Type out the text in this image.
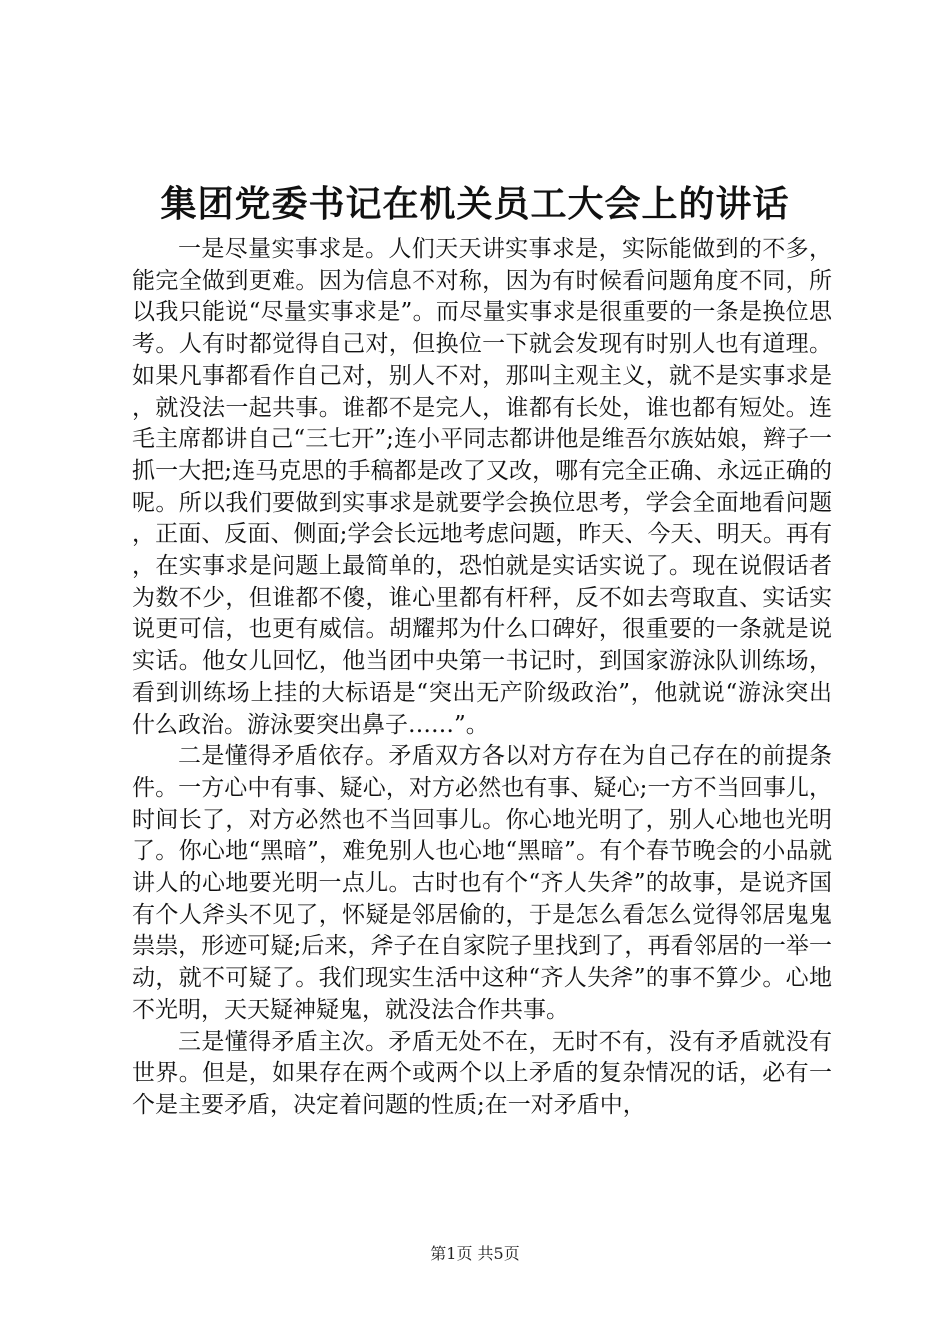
集团党委书记在机关员工大会上的讲话

一是尽量实事求是。人们天天讲实事求是，实际能做到的不多，能完全做到更难。因为信息不对称，因为有时候看问题角度不同，所以我只能说“尽量实事求是”。而尽量实事求是很重要的一条是换位思考。人有时都觉得自己对，但换位一下就会发现有时别人也有道理。如果凡事都看作自己对，别人不对，那叫主观主义，就不是实事求是，就没法一起共事。谁都不是完人，谁都有长处，谁也都有短处。连毛主席都讲自己“三七开”;连小平同志都讲他是维吾尔族姑娘，辫子一抓一大把;连马克思的手稿都是改了又改，哪有完全正确、永远正确的呢。所以我们要做到实事求是就要学会换位思考，学会全面地看问题，正面、反面、侧面;学会长远地考虑问题，昨天、今天、明天。再有，在实事求是问题上最简单的，恐怕就是实话实说了。现在说假话者为数不少，但谁都不傻，谁心里都有杆秤，反不如去弯取直、实话实说更可信，也更有威信。胡耀邦为什么口碑好，很重要的一条就是说实话。他女儿回忆，他当团中央第一书记时，到国家游泳队训练场，看到训练场上挂的大标语是“突出无产阶级政治”，他就说“游泳突出什么政治。游泳要突出鼻子……”。

二是懂得矛盾依存。矛盾双方各以对方存在为自己存在的前提条件。一方心中有事、疑心，对方必然也有事、疑心;一方不当回事儿，时间长了，对方必然也不当回事儿。你心地光明了，别人心地也光明了。你心地“黑暗”，难免别人也心地“黑暗”。有个春节晚会的小品就讲人的心地要光明一点儿。古时也有个“齐人失斧”的故事，是说齐国有个人斧头不见了，怀疑是邻居偷的，于是怎么看怎么觉得邻居鬼鬼祟祟，形迹可疑;后来，斧子在自家院子里找到了，再看邻居的一举一动，就不可疑了。我们现实生活中这种“齐人失斧”的事不算少。心地不光明，天天疑神疑鬼，就没法合作共事。

三是懂得矛盾主次。矛盾无处不在，无时不有，没有矛盾就没有世界。但是，如果存在两个或两个以上矛盾的复杂情况的话，必有一个是主要矛盾，决定着问题的性质;在一对矛盾中，

第1页 共5页
